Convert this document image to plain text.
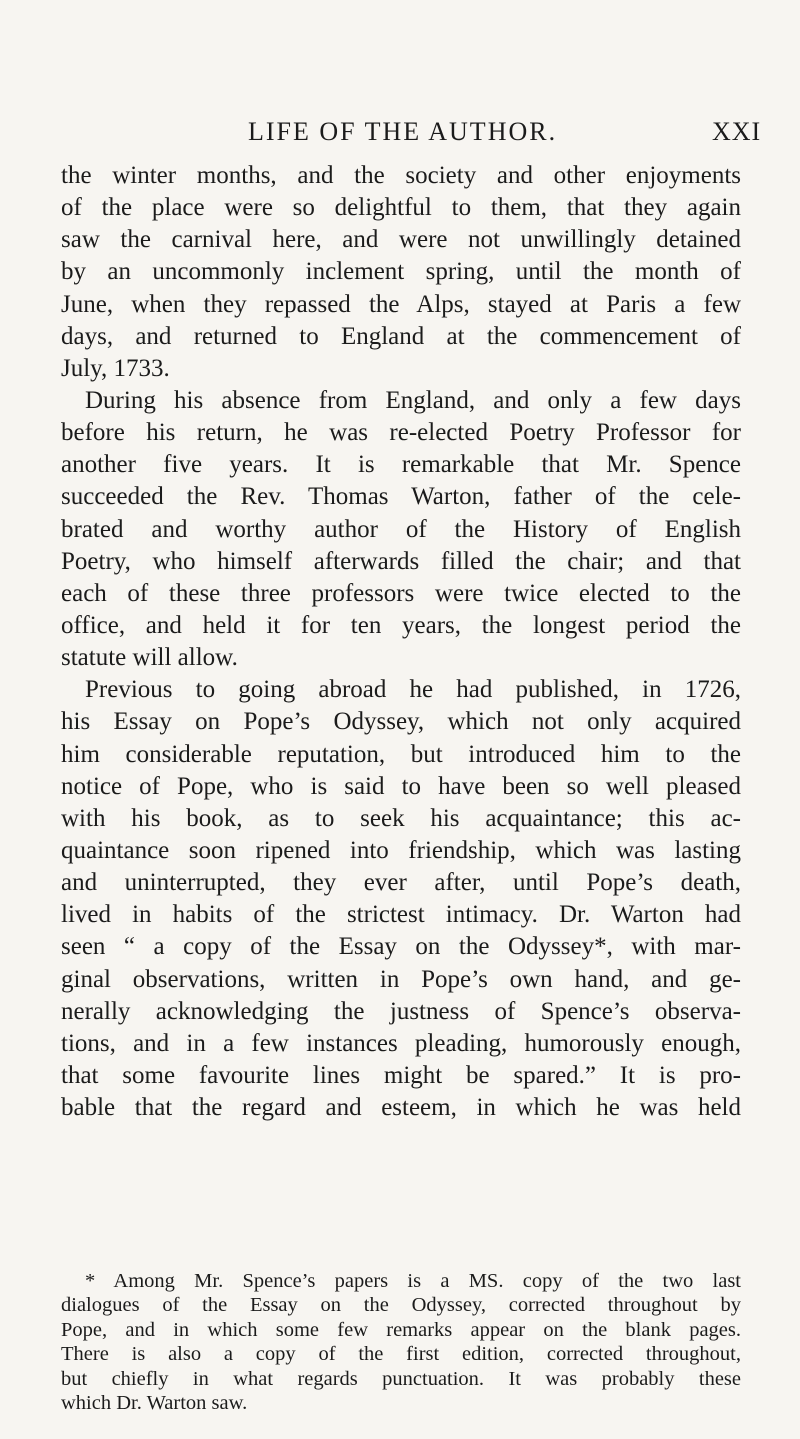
LIFE OF THE AUTHOR.	XXI
the winter months, and the society and other enjoyments
of the place were so delightful to them, that they again
saw the carnival here, and were not unwillingly detained
by an uncommonly inclement spring, until the month of
June, when they repassed the Alps, stayed at Paris a few
days, and returned to England at the commencement of
July, 1733.
During his absence from England, and only a few days
before his return, he was re-elected Poetry Professor for
another five years. It is remarkable that Mr. Spence
succeeded the Rev. Thomas Warton, father of the cele-
brated and worthy author of the History of English
Poetry, who himself afterwards filled the chair; and that
each of these three professors were twice elected to the
office, and held it for ten years, the longest period the
statute will allow.
Previous to going abroad he had published, in 1726,
his Essay on Pope’s Odyssey, which not only acquired
him considerable reputation, but introduced him to the
notice of Pope, who is said to have been so well pleased
with his book, as to seek his acquaintance; this ac-
quaintance soon ripened into friendship, which was lasting
and uninterrupted, they ever after, until Pope’s death,
lived in habits of the strictest intimacy. Dr. Warton had
seen “ a copy of the Essay on the Odyssey*, with mar-
ginal observations, written in Pope’s own hand, and ge-
nerally acknowledging the justness of Spence’s observa-
tions, and in a few instances pleading, humorously enough,
that some favourite lines might be spared.” It is pro-
bable that the regard and esteem, in which he was held
* Among Mr. Spence’s papers is a MS. copy of the two last
dialogues of the Essay on the Odyssey, corrected throughout by
Pope, and in which some few remarks appear on the blank pages.
There is also a copy of the first edition, corrected throughout,
but chiefly in what regards punctuation. It was probably these
which Dr. Warton saw.
